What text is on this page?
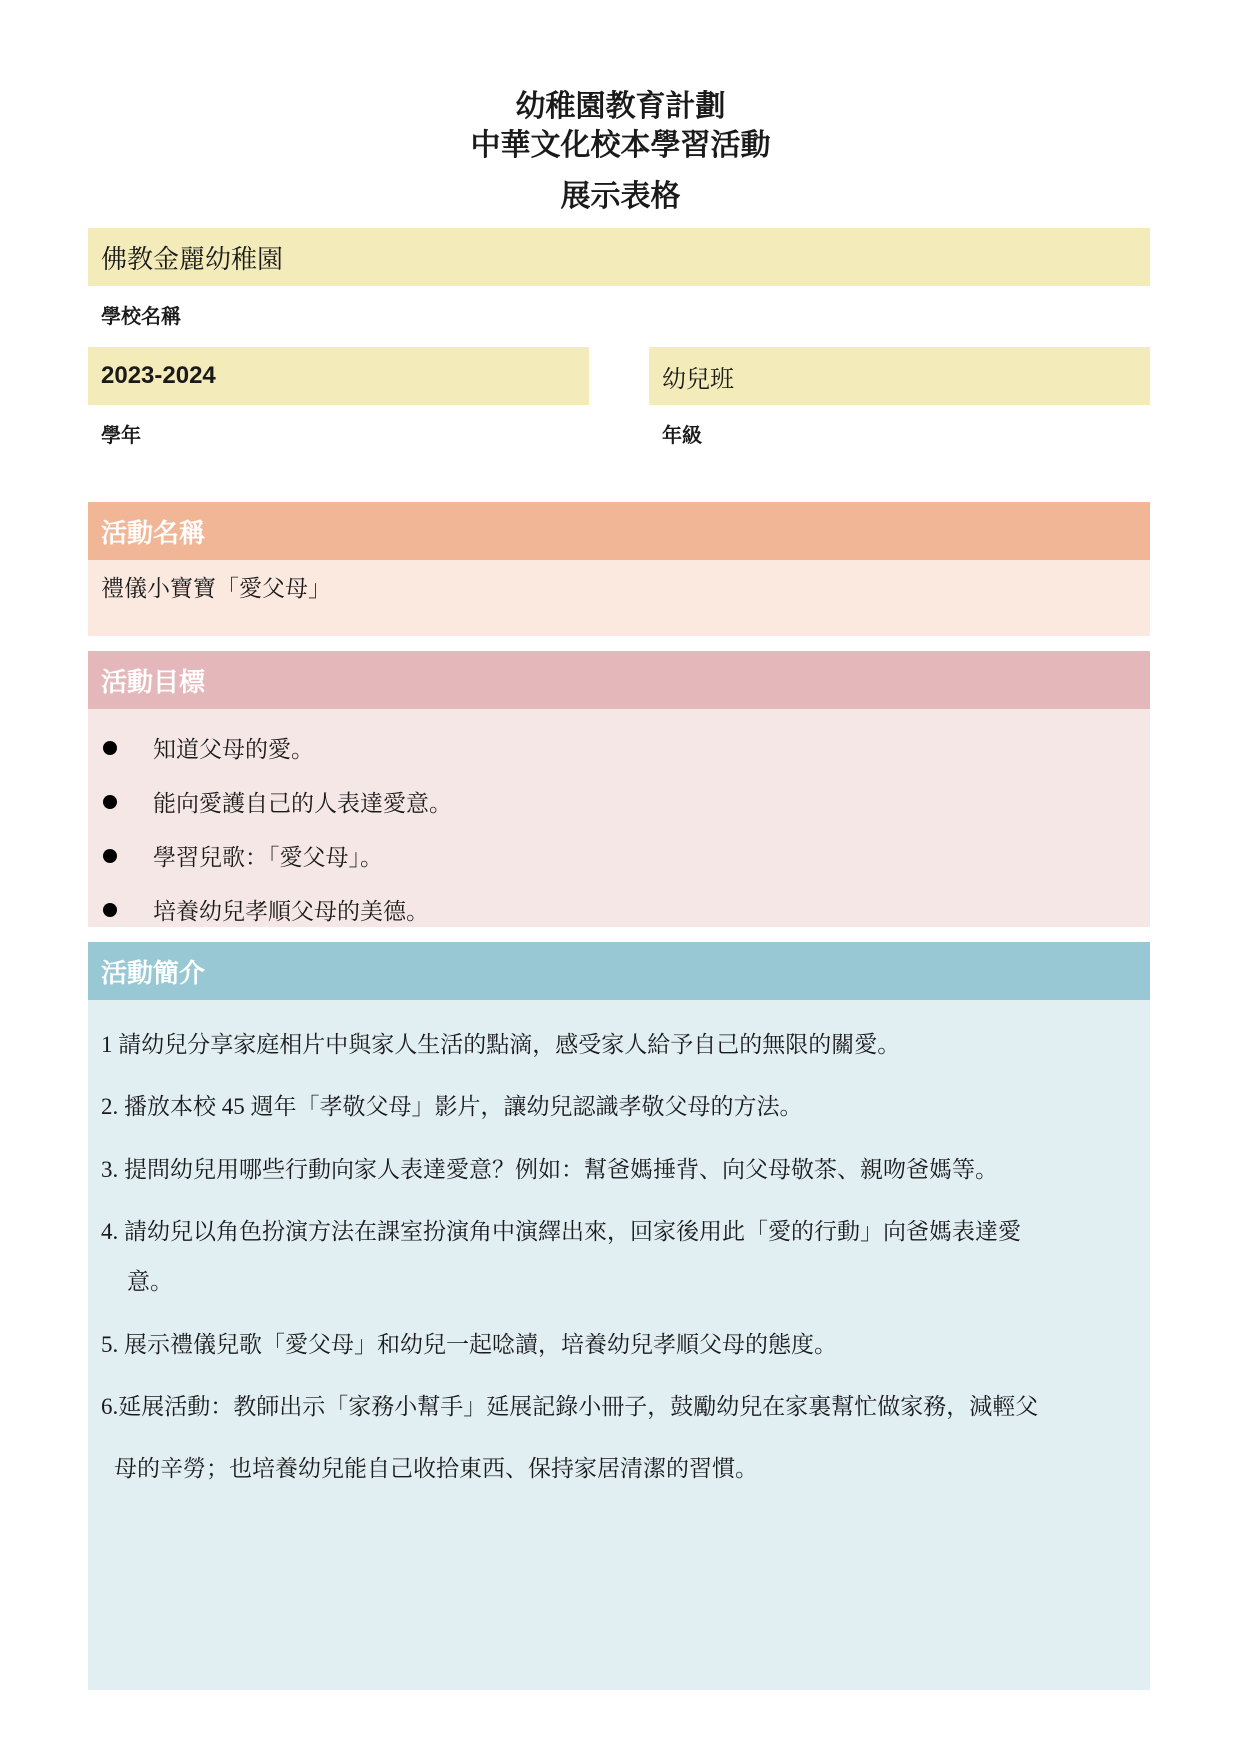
幼稚園教育計劃
中華文化校本學習活動
展示表格
佛教金麗幼稚園
學校名稱
2023-2024
學年
幼兒班
年級
活動名稱
禮儀小寶寶「愛父母」
活動目標
知道父母的愛。
能向愛護自己的人表達愛意。
學習兒歌：「愛父母」。
培養幼兒孝順父母的美德。
活動簡介
1 請幼兒分享家庭相片中與家人生活的點滴，感受家人給予自己的無限的關愛。
2. 播放本校 45 週年「孝敬父母」影片，讓幼兒認識孝敬父母的方法。
3. 提問幼兒用哪些行動向家人表達愛意？例如：幫爸媽捶背、向父母敬茶、親吻爸媽等。
4. 請幼兒以角色扮演方法在課室扮演角中演繹出來，回家後用此「愛的行動」向爸媽表達愛
意。
5. 展示禮儀兒歌「愛父母」和幼兒一起唸讀，培養幼兒孝順父母的態度。
6.延展活動：教師出示「家務小幫手」延展記錄小冊子，鼓勵幼兒在家裏幫忙做家務，減輕父
母的辛勞；也培養幼兒能自己收拾東西、保持家居清潔的習慣。
